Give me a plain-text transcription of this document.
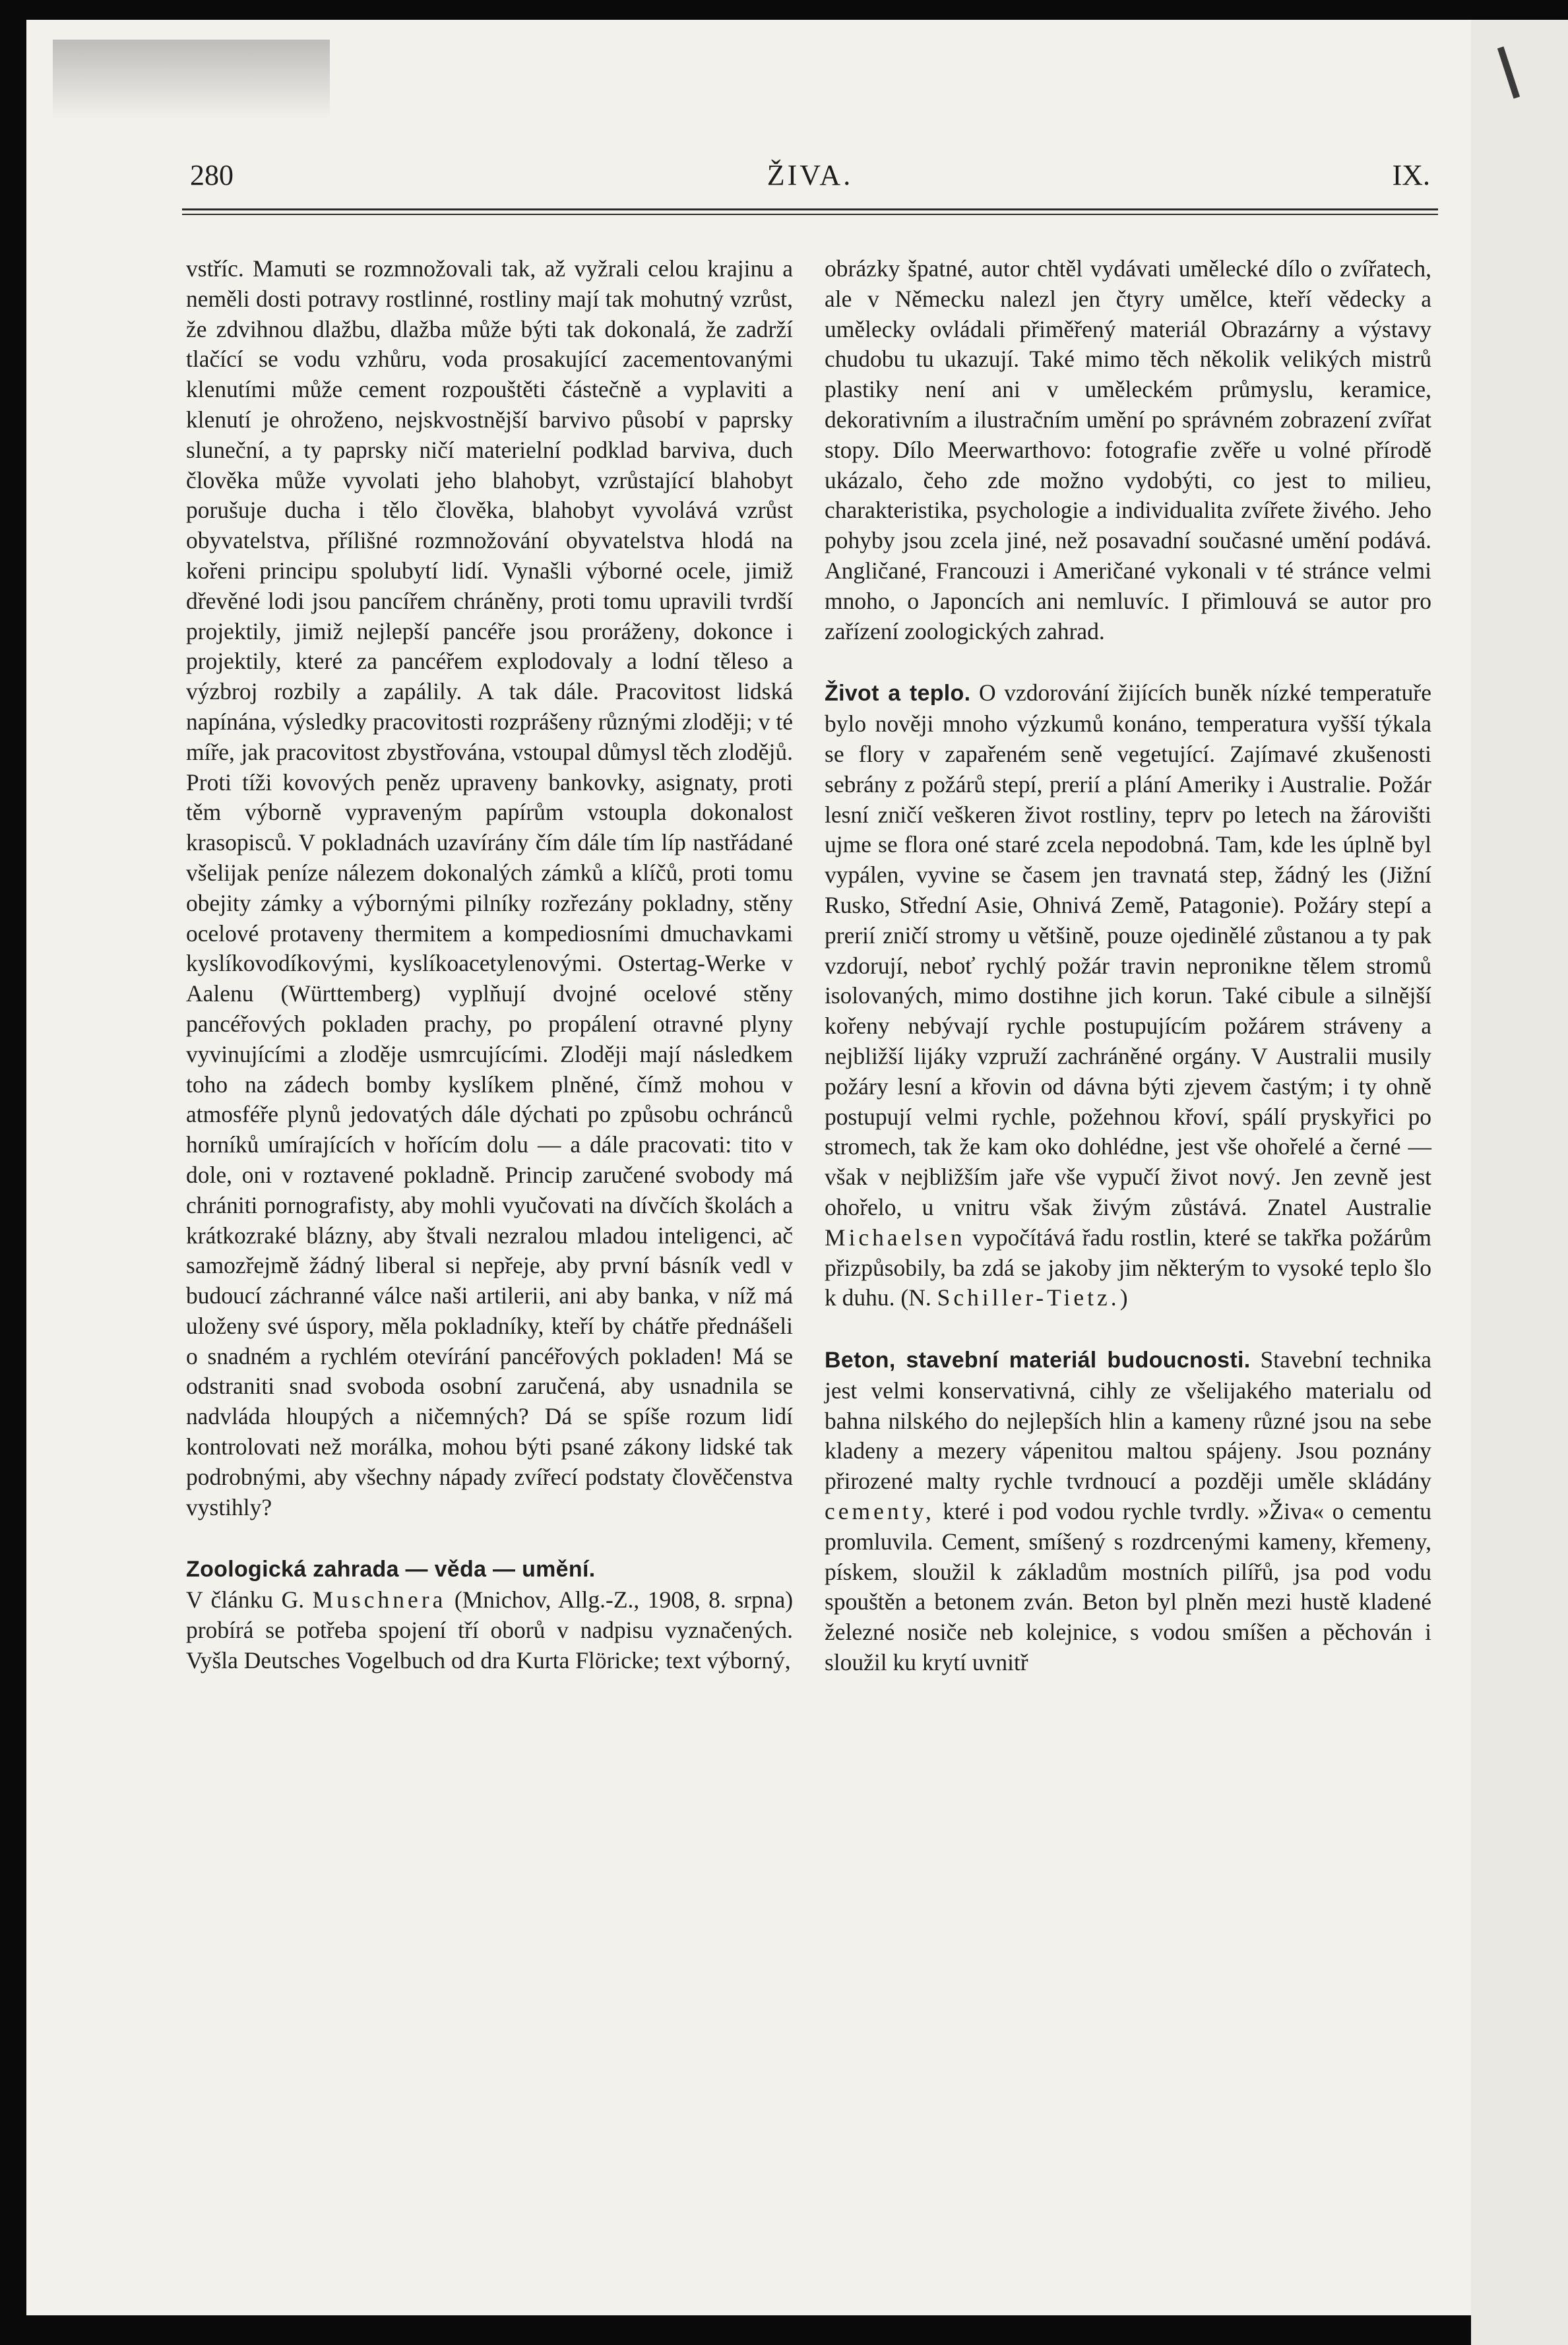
280	ŽIVA.	IX.

vstříc. Mamuti se rozmnožovali tak, až vyžrali celou krajinu a neměli dosti potravy rostlinné, rostliny mají tak mohutný vzrůst, že zdvihnou dlažbu, dlažba může býti tak dokonalá, že zadrží tlačící se vodu vzhůru, voda prosakující zacementovanými klenutími může cement rozpouštěti částečně a vyplaviti a klenutí je ohroženo, nejskvostnější barvivo působí v paprsky sluneční, a ty paprsky ničí materielní podklad barviva, duch člověka může vyvolati jeho blahobyt, vzrůstající blahobyt porušuje ducha i tělo člověka, blahobyt vyvolává vzrůst obyvatelstva, přílišné rozmnožování obyvatelstva hlodá na kořeni principu spolubytí lidí. Vynašli výborné ocele, jimiž dřevěné lodi jsou pancířem chráněny, proti tomu upravili tvrdší projektily, jimiž nejlepší pancéře jsou proráženy, dokonce i projektily, které za pancéřem explodovaly a lodní těleso a výzbroj rozbily a zapálily. A tak dále. Pracovitost lidská napínána, výsledky pracovitosti rozprášeny různými zloději; v té míře, jak pracovitost zbystřována, vstoupal důmysl těch zlodějů. Proti tíži kovových peněz upraveny bankovky, asignaty, proti těm výborně vypraveným papírům vstoupla dokonalost krasopisců. V pokladnách uzavírány čím dále tím líp nastřádané všelijak peníze nálezem dokonalých zámků a klíčů, proti tomu obejity zámky a výbornými pilníky rozřezány pokladny, stěny ocelové protaveny thermitem a kompediosními dmuchavkami kyslíkovodíkovými, kyslíkoacetylenovými. Ostertag-Werke v Aalenu (Württemberg) vyplňují dvojné ocelové stěny pancéřových pokladen prachy, po propálení otravné plyny vyvinujícími a zloděje usmrcujícími. Zloději mají následkem toho na zádech bomby kyslíkem plněné, čímž mohou v atmosféře plynů jedovatých dále dýchati po způsobu ochránců horníků umírajících v hořícím dolu — a dále pracovati: tito v dole, oni v roztavené pokladně. Princip zaručené svobody má chrániti pornografisty, aby mohli vyučovati na dívčích školách a krátkozraké blázny, aby štvali nezralou mladou inteligenci, ač samozřejmě žádný liberal si nepřeje, aby první básník vedl v budoucí záchranné válce naši artilerii, ani aby banka, v níž má uloženy své úspory, měla pokladníky, kteří by chátře přednášeli o snadném a rychlém otevírání pancéřových pokladen! Má se odstraniti snad svoboda osobní zaručená, aby usnadnila se nadvláda hloupých a ničemných? Dá se spíše rozum lidí kontrolovati než morálka, mohou býti psané zákony lidské tak podrobnými, aby všechny nápady zvířecí podstaty člověčenstva vystihly?

Zoologická zahrada — věda — umění.
V článku G. Muschnera (Mnichov, Allg.-Z., 1908, 8. srpna) probírá se potřeba spojení tří oborů v nadpisu vyznačených. Vyšla Deutsches Vogelbuch od dra Kurta Flöricke; text výborný,

obrázky špatné, autor chtěl vydávati umělecké dílo o zvířatech, ale v Německu nalezl jen čtyry umělce, kteří vědecky a umělecky ovládali přiměřený materiál Obrazárny a výstavy chudobu tu ukazují. Také mimo těch několik velikých mistrů plastiky není ani v uměleckém průmyslu, keramice, dekorativním a ilustračním umění po správném zobrazení zvířat stopy. Dílo Meerwarthovo: fotografie zvěře u volné přírodě ukázalo, čeho zde možno vydobýti, co jest to milieu, charakteristika, psychologie a individualita zvířete živého. Jeho pohyby jsou zcela jiné, než posavadní současné umění podává. Angličané, Francouzi i Američané vykonali v té stránce velmi mnoho, o Japoncích ani nemluvíc. I přimlouvá se autor pro zařízení zoologických zahrad.

Život a teplo. O vzdorování žijících buněk nízké temperatuře bylo nověji mnoho výzkumů konáno, temperatura vyšší týkala se flory v zapařeném seně vegetující. Zajímavé zkušenosti sebrány z požárů stepí, prerií a plání Ameriky i Australie. Požár lesní zničí veškeren život rostliny, teprv po letech na žárovišti ujme se flora oné staré zcela nepodobná. Tam, kde les úplně byl vypálen, vyvine se časem jen travnatá step, žádný les (Jižní Rusko, Střední Asie, Ohnivá Země, Patagonie). Požáry stepí a prerií zničí stromy u většině, pouze ojedinělé zůstanou a ty pak vzdorují, neboť rychlý požár travin nepronikne tělem stromů isolovaných, mimo dostihne jich korun. Také cibule a silnější kořeny nebývají rychle postupujícím požárem stráveny a nejbližší lijáky vzpruží zachráněné orgány. V Australii musily požáry lesní a křovin od dávna býti zjevem častým; i ty ohně postupují velmi rychle, požehnou křoví, spálí pryskyřici po stromech, tak že kam oko dohlédne, jest vše ohořelé a černé — však v nejbližším jaře vše vypučí život nový. Jen zevně jest ohořelo, u vnitru však živým zůstává. Znatel Australie Michaelsen vypočítává řadu rostlin, které se takřka požárům přizpůsobily, ba zdá se jakoby jim některým to vysoké teplo šlo k duhu. (N. Schiller-Tietz.)

Beton, stavební materiál budoucnosti. Stavební technika jest velmi konservativná, cihly ze všelijakého materialu od bahna nilského do nejlepších hlin a kameny různé jsou na sebe kladeny a mezery vápenitou maltou spájeny. Jsou poznány přirozené malty rychle tvrdnoucí a později uměle skládány cementy, které i pod vodou rychle tvrdly. »Živa« o cementu promluvila. Cement, smíšený s rozdrcenými kameny, křemeny, pískem, sloužil k základům mostních pilířů, jsa pod vodu spouštěn a betonem zván. Beton byl plněn mezi hustě kladené železné nosiče neb kolejnice, s vodou smíšen a pěchován i sloužil ku krytí uvnitř
